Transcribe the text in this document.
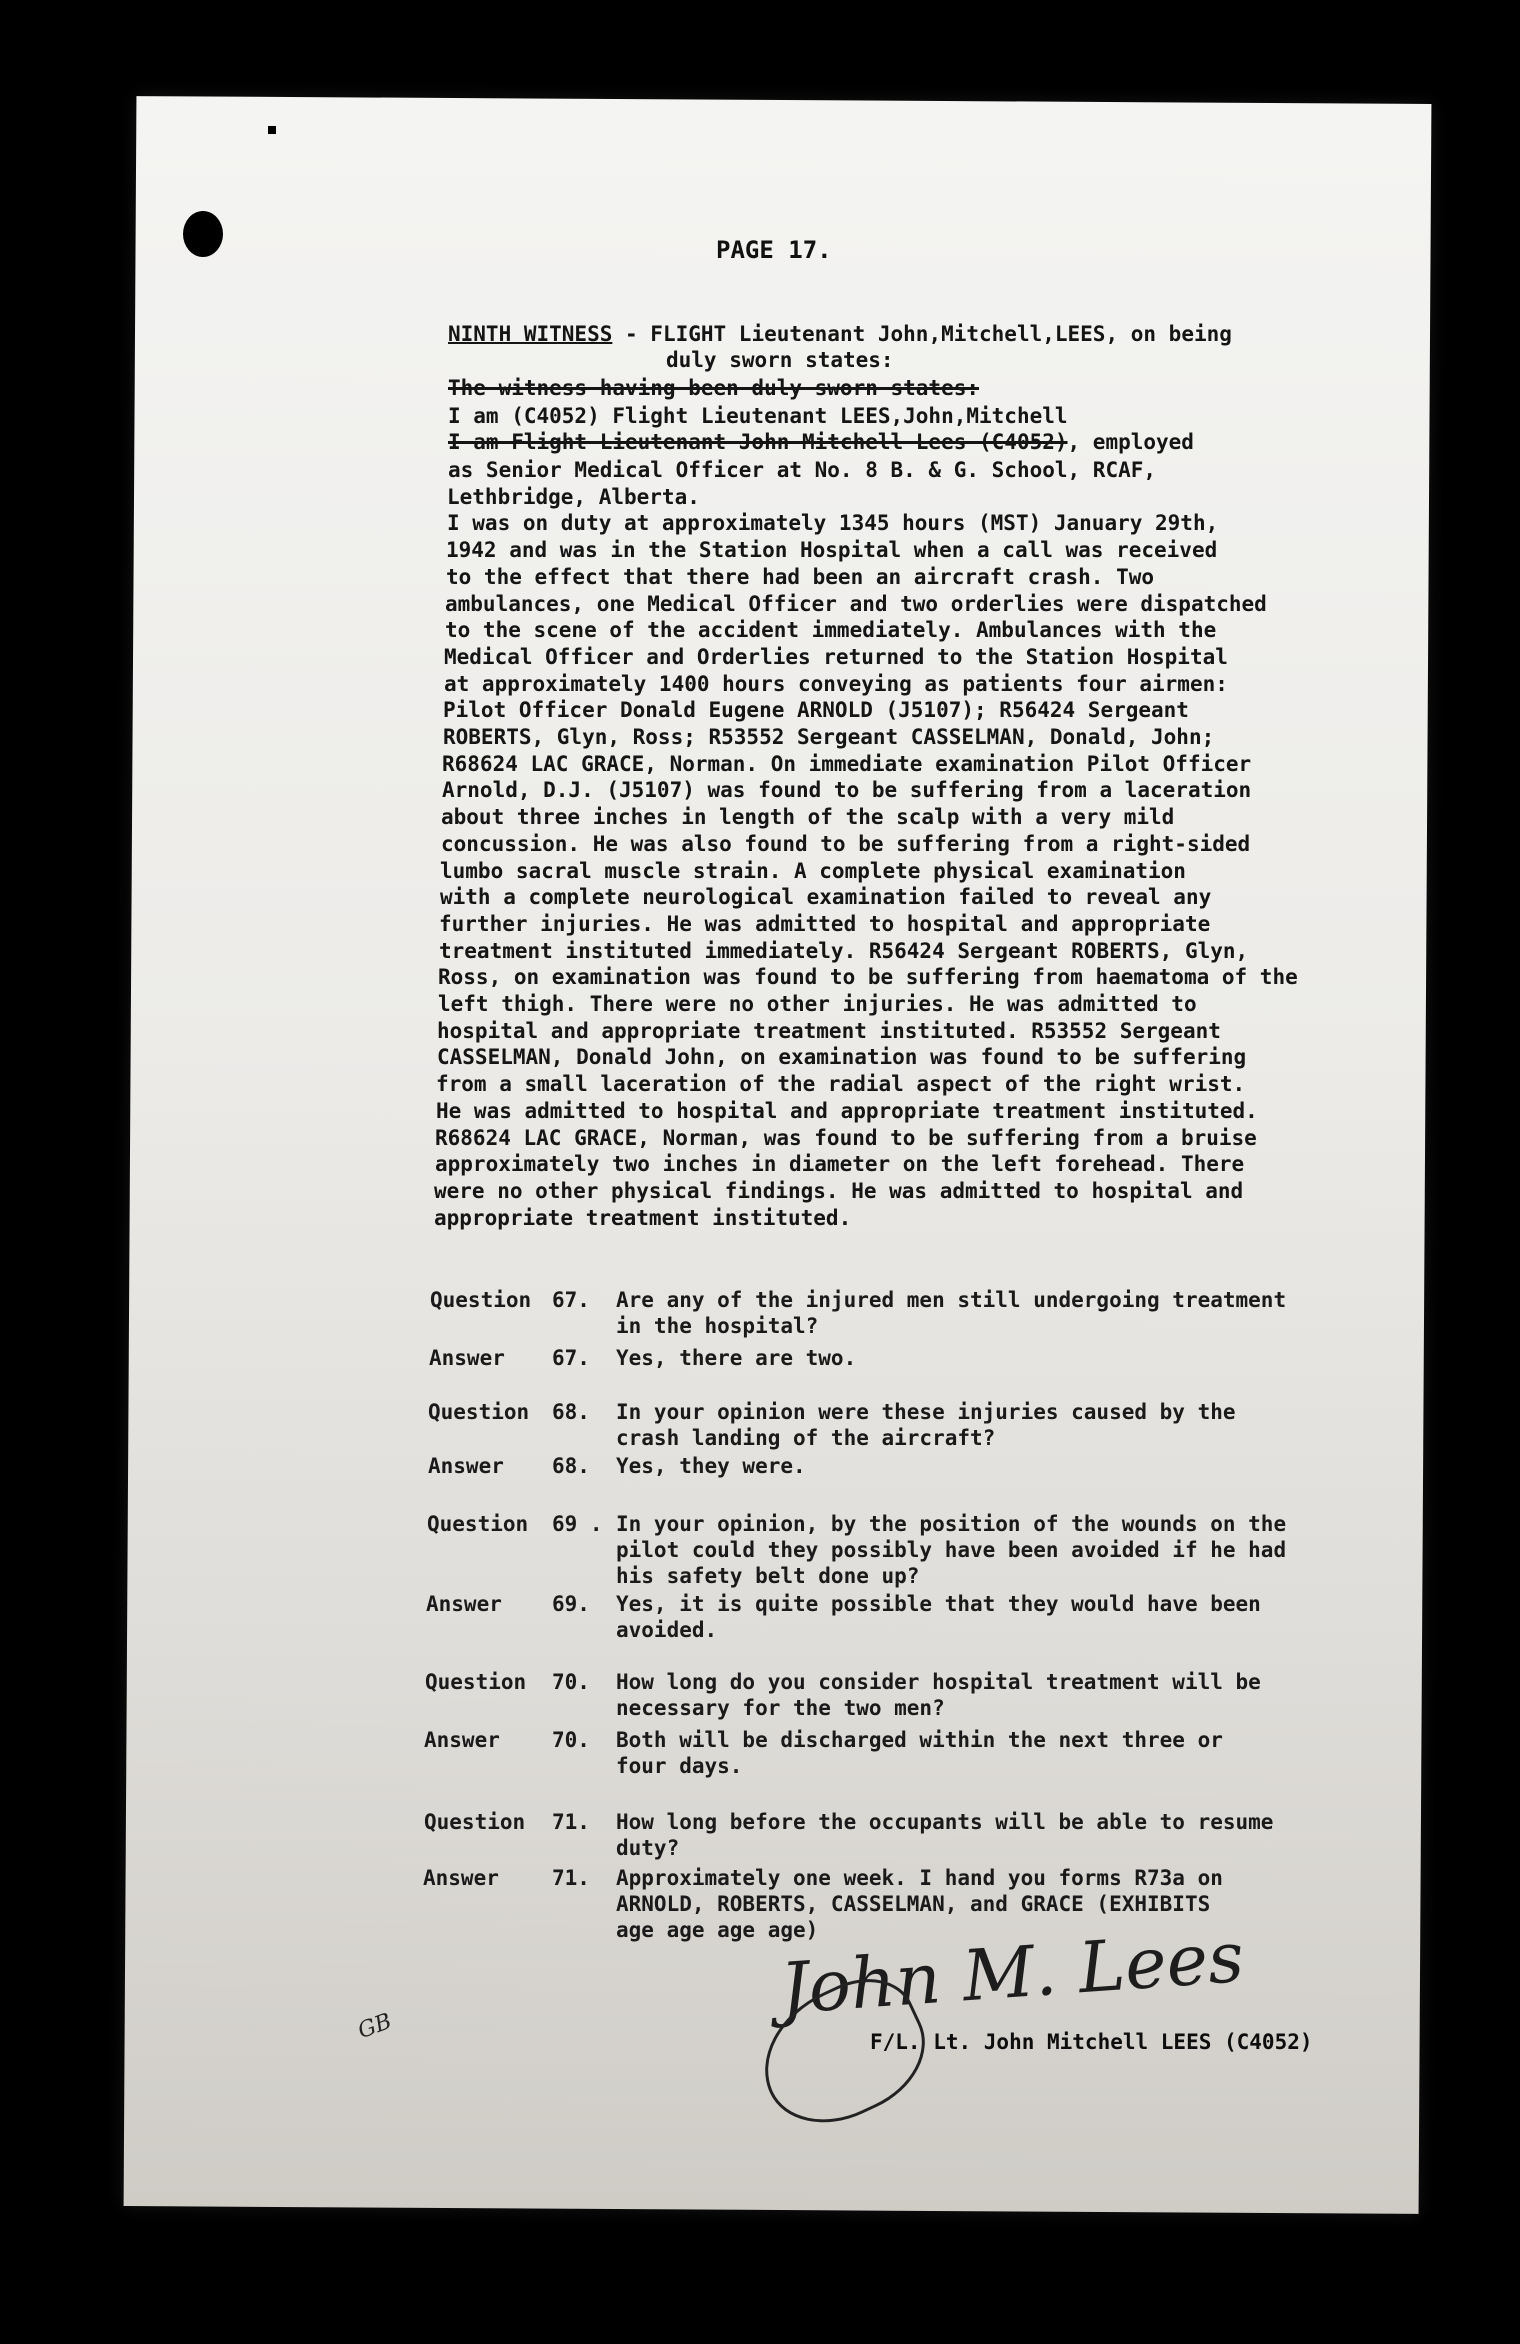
PAGE 17.
NINTH WITNESS - FLIGHT Lieutenant John,Mitchell,LEES, on being
duly sworn states:
The witness having been duly sworn states:
I am (C4052) Flight Lieutenant LEES,John,Mitchell
I am Flight Lieutenant John Mitchell Lees (C4052), employed
as Senior Medical Officer at No. 8 B. & G. School, RCAF,
Lethbridge, Alberta.
I was on duty at approximately 1345 hours (MST) January 29th,
1942 and was in the Station Hospital when a call was received
to the effect that there had been an aircraft crash. Two
ambulances, one Medical Officer and two orderlies were dispatched
to the scene of the accident immediately. Ambulances with the
Medical Officer and Orderlies returned to the Station Hospital
at approximately 1400 hours conveying as patients four airmen:
Pilot Officer Donald Eugene ARNOLD (J5107); R56424 Sergeant
ROBERTS, Glyn, Ross; R53552 Sergeant CASSELMAN, Donald, John;
R68624 LAC GRACE, Norman. On immediate examination Pilot Officer
Arnold, D.J. (J5107) was found to be suffering from a laceration
about three inches in length of the scalp with a very mild
concussion. He was also found to be suffering from a right-sided
lumbo sacral muscle strain. A complete physical examination
with a complete neurological examination failed to reveal any
further injuries. He was admitted to hospital and appropriate
treatment instituted immediately. R56424 Sergeant ROBERTS, Glyn,
Ross, on examination was found to be suffering from haematoma of the
left thigh. There were no other injuries. He was admitted to
hospital and appropriate treatment instituted. R53552 Sergeant
CASSELMAN, Donald John, on examination was found to be suffering
from a small laceration of the radial aspect of the right wrist.
He was admitted to hospital and appropriate treatment instituted.
R68624 LAC GRACE, Norman, was found to be suffering from a bruise
approximately two inches in diameter on the left forehead. There
were no other physical findings. He was admitted to hospital and
appropriate treatment instituted.
Question 67. Are any of the injured men still undergoing treatment
in the hospital?
Answer 67. Yes, there are two.
Question 68. In your opinion were these injuries caused by the
crash landing of the aircraft?
Answer 68. Yes, they were.
Question 69 . In your opinion, by the position of the wounds on the
pilot could they possibly have been avoided if he had
his safety belt done up?
Answer 69. Yes, it is quite possible that they would have been
avoided.
Question 70. How long do you consider hospital treatment will be
necessary for the two men?
Answer 70. Both will be discharged within the next three or
four days.
Question 71. How long before the occupants will be able to resume
duty?
Answer	71. Approximately one week. I hand you forms R73a on
ARNOLD, ROBERTS, CASSELMAN, and GRACE (EXHIBITS
age age age age)
John M. Lees
F/L. Lt. John Mitchell LEES (C4052)
GB
